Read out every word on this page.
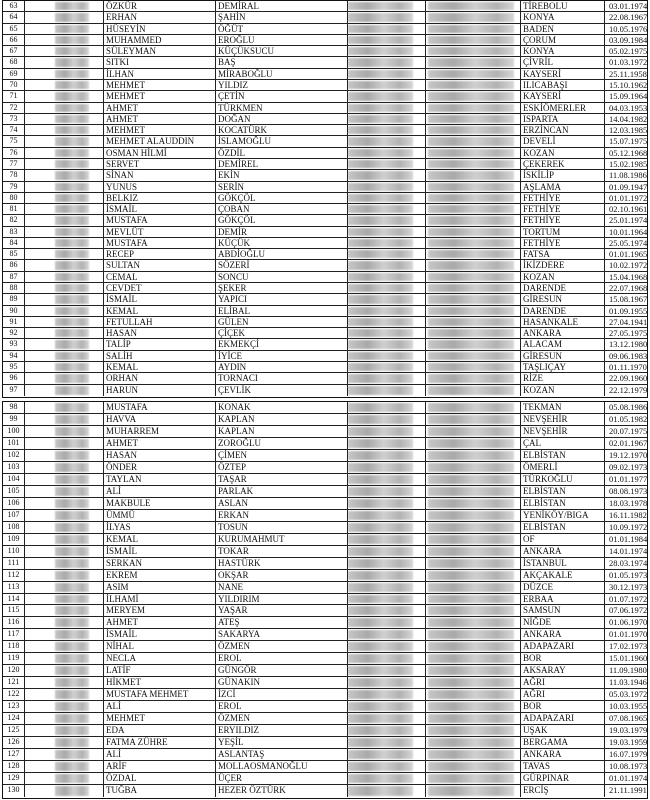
63	ÖZKÜR	DEMİRAL	TİREBOLU	03.01.1974
64	ERHAN	ŞAHİN	KONYA	22.08.1967
65	HÜSEYİN	ÖĞÜT	BADEN	10.05.1976
66	MUHAMMED	EROĞLU	ÇORUM	03.09.1984
67	SÜLEYMAN	KÜÇÜKSUCU	KONYA	05.02.1975
68	SITKI	BAŞ	ÇİVRİL	01.03.1972
69	İLHAN	MİRABOĞLU	KAYSERİ	25.11.1958
70	MEHMET	YILDIZ	ILICABAŞI	15.10.1962
71	MEHMET	ÇETİN	KAYSERİ	15.09.1964
72	AHMET	TÜRKMEN	ESKİÖMERLER	04.03.1953
73	AHMET	DOĞAN	ISPARTA	14.04.1982
74	MEHMET	KOCATÜRK	ERZİNCAN	12.03.1985
75	MEHMET ALAUDDIN	İSLAMOĞLU	DEVELİ	15.07.1975
76	OSMAN HİLMİ	ÖZDİL	KOZAN	05.12.1968
77	SERVET	DEMİREL	ÇEKEREK	15.02.1985
78	SİNAN	EKİN	İSKİLİP	11.08.1986
79	YUNUS	SERİN	AŞLAMA	01.09.1947
80	BELKIZ	GÖKÇÖL	FETHİYE	01.01.1972
81	İSMAİL	ÇOBAN	FETHİYE	02.10.1961
82	MUSTAFA	GÖKÇÖL	FETHİYE	25.01.1974
83	MEVLÜT	DEMİR	TORTUM	10.01.1964
84	MUSTAFA	KÜÇÜK	FETHİYE	25.05.1974
85	RECEP	ABDİOĞLU	FATSA	01.01.1965
86	SULTAN	SÖZERİ	İKİZDERE	10.02.1972
87	CEMAL	SONCU	KOZAN	15.04.1968
88	CEVDET	ŞEKER	DARENDE	22.07.1968
89	İSMAİL	YAPICI	GİRESUN	15.08.1967
90	KEMAL	ELİBAL	DARENDE	01.09.1955
91	FETULLAH	GÜLEN	HASANKALE	27.04.1941
92	HASAN	ÇİÇEK	ANKARA	27.05.1975
93	TALİP	EKMEKÇİ	ALACAM	13.12.1980
94	SALİH	İYİCE	GİRESUN	09.06.1983
95	KEMAL	AYDIN	TAŞLIÇAY	01.11.1970
96	ORHAN	TORNACI	RİZE	22.09.1960
97	HARUN	ÇEVLİK	KOZAN	22.12.1979
98	MUSTAFA	KONAK	TEKMAN	05.08.1986
99	HAVVA	KAPLAN	NEVŞEHİR	01.05.1982
100	MUHARREM	KAPLAN	NEVŞEHİR	20.07.1975
101	AHMET	ZOROĞLU	ÇAL	02.01.1967
102	HASAN	ÇİMEN	ELBİSTAN	19.12.1970
103	ÖNDER	ÖZTEP	ÖMERLİ	09.02.1973
104	TAYLAN	TAŞAR	TÜRKOĞLU	01.01.1977
105	ALİ	PARLAK	ELBİSTAN	08.08.1973
106	MAKBULE	ASLAN	ELBİSTAN	18.03.1978
107	ÜMMÜ	ERKAN	YENİKÖY/BIGA	16.11.1982
108	İLYAS	TOSUN	ELBİSTAN	10.09.1972
109	KEMAL	KURUMAHMUT	OF	01.01.1984
110	İSMAİL	TOKAR	ANKARA	14.01.1974
111	SERKAN	HASTÜRK	İSTANBUL	28.03.1974
112	EKREM	OKŞAR	AKÇAKALE	01.05.1973
113	ASIM	NANE	DÜZCE	30.12.1973
114	İLHAMİ	YILDIRIM	ERBAA	01.07.1972
115	MERYEM	YAŞAR	SAMSUN	07.06.1972
116	AHMET	ATEŞ	NİĞDE	01.06.1970
117	İSMAİL	SAKARYA	ANKARA	01.01.1970
118	NİHAL	ÖZMEN	ADAPAZARI	17.02.1973
119	NECLA	EROL	BOR	15.01.1960
120	LATİF	GÜNGÖR	AKSARAY	11.09.1980
121	HİKMET	GÜNAKIN	AĞRI	11.03.1946
122	MUSTAFA MEHMET	İZCİ	AĞRI	05.03.1972
123	ALİ	EROL	BOR	10.03.1955
124	MEHMET	ÖZMEN	ADAPAZARI	07.08.1965
125	EDA	ERYILDIZ	UŞAK	19.03.1979
126	FATMA ZÜHRE	YEŞİL	BERGAMA	19.03.1959
127	ALİ	ASLANTAŞ	ANKARA	16.07.1979
128	ARİF	MOLLAOSMANOĞLU	TAVAS	10.08.1973
129	ÖZDAL	ÜÇER	GÜRPINAR	01.01.1974
130	TUĞBA	HEZER ÖZTÜRK	ERCİŞ	21.11.1991
